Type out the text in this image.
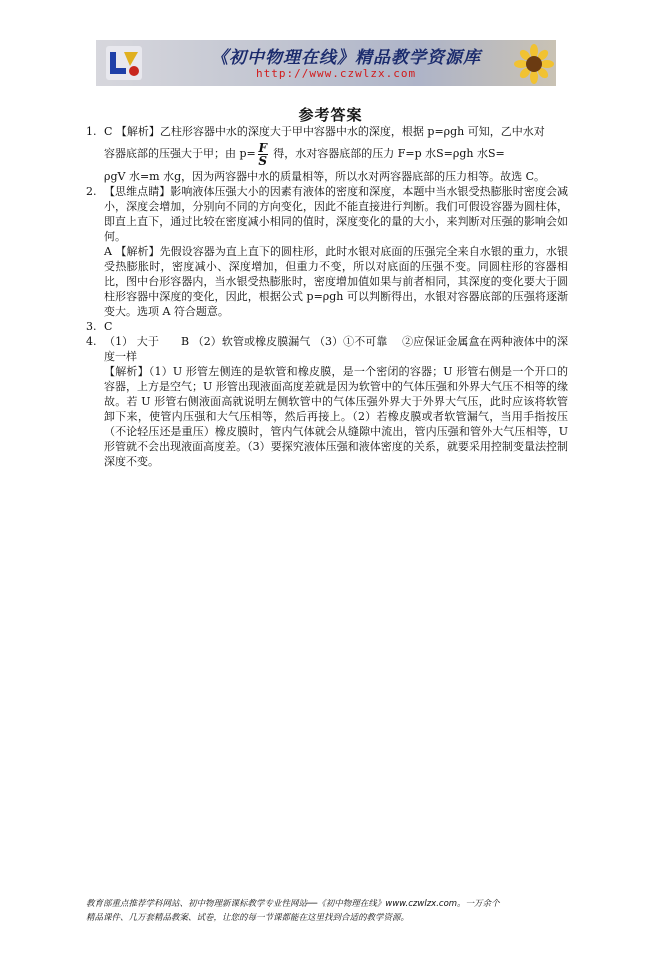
《初中物理在线》精品教学资源库
http://www.czwlzx.com
参考答案
1. C 【解析】乙柱形容器中水的深度大于甲中容器中水的深度，根据 p=ρgh 可知，乙中水对

容器底部的压强大于甲；由 $p= \frac{F}{S}$ 得，水对容器底部的压力 F=p 水S=ρgh 水S=

ρgV 水=m 水g，因为两容器中水的质量相等，所以水对两容器底部的压力相等。故选 C。

2. 【思维点睛】影响液体压强大小的因素有液体的密度和深度，本题中当水银受热膨胀时密度会减小，深度会增加，分别向不同的方向变化，因此不能直接进行判断。我们可假设容器为圆柱体，即直上直下，通过比较在密度减小相同的值时，深度变化的量的大小，来判断对压强的影响会如何。

A 【解析】先假设容器为直上直下的圆柱形，此时水银对底面的压强完全来自水银的重力，水银受热膨胀时，密度减小、深度增加，但重力不变，所以对底面的压强不变。同圆柱形的容器相比，图中台形容器内，当水银受热膨胀时，密度增加值如果与前者相同，其深度的变化要大于圆柱形容器中深度的变化，因此，根据公式 p=ρgh 可以判断得出，水银对容器底部的压强将逐渐变大。选项 A 符合题意。

3. C

4. （1） 大于　　B （2）软管或橡皮膜漏气 （3）①不可靠　 ②应保证金属盒在两种液体中的深度一样

【解析】（1）U 形管左侧连的是软管和橡皮膜，是一个密闭的容器；U 形管右侧是一个开口的容器，上方是空气；U 形管出现液面高度差就是因为软管中的气体压强和外界大气压不相等的缘故。若 U 形管右侧液面高就说明左侧软管中的气体压强外界大于外界大气压，此时应该将软管卸下来，使管内压强和大气压相等，然后再接上。（2）若橡皮膜或者软管漏气，当用手指按压（不论轻压还是重压）橡皮膜时，管内气体就会从缝隙中流出，管内压强和管外大气压相等，U 形管就不会出现液面高度差。（3）要探究液体压强和液体密度的关系，就要采用控制变量法控制深度不变。

教育部重点推荐学科网站、初中物理新课标教学专业性网站──《初中物理在线》www.czwlzx.com。一万余个
精品课件、几万套精品教案、试卷，让您的每一节课都能在这里找到合适的教学资源。
